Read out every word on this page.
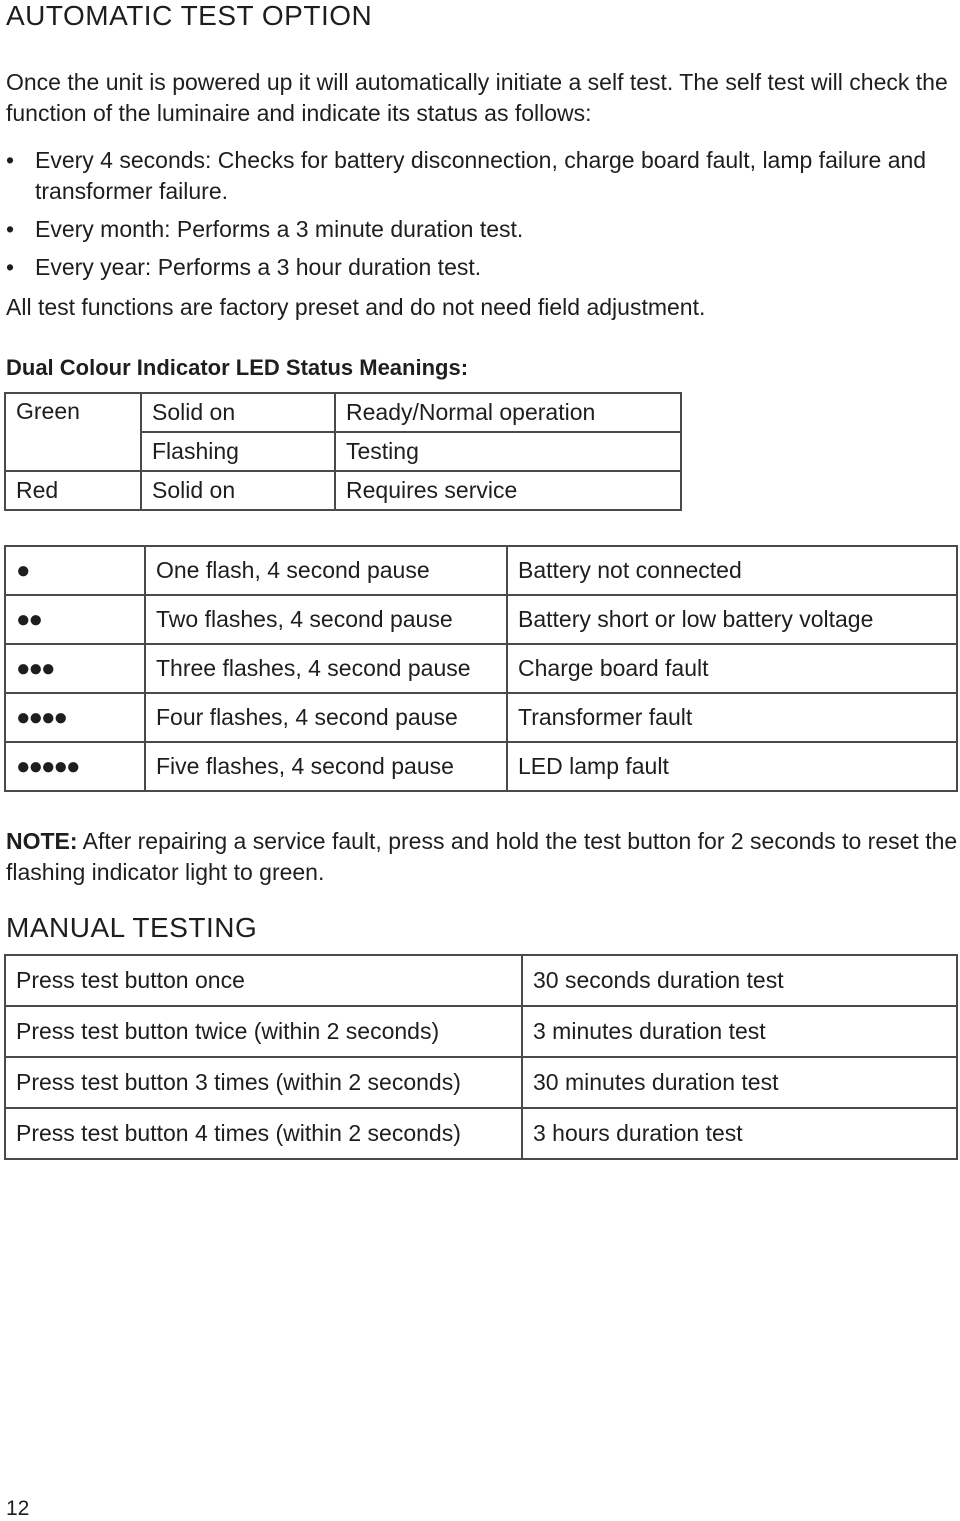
AUTOMATIC TEST OPTION

Once the unit is powered up it will automatically initiate a self test. The self test will check the function of the luminaire and indicate its status as follows:

• Every 4 seconds: Checks for battery disconnection, charge board fault, lamp failure and transformer failure.
• Every month: Performs a 3 minute duration test.
• Every year: Performs a 3 hour duration test.

All test functions are factory preset and do not need field adjustment.

Dual Colour Indicator LED Status Meanings:
Green	Solid on	Ready/Normal operation
	Flashing	Testing
Red	Solid on	Requires service
●	One flash, 4 second pause	Battery not connected
●●	Two flashes, 4 second pause	Battery short or low battery voltage
●●●	Three flashes, 4 second pause	Charge board fault
●●●●	Four flashes, 4 second pause	Transformer fault
●●●●●	Five flashes, 4 second pause	LED lamp fault

NOTE: After repairing a service fault, press and hold the test button for 2 seconds to reset the flashing indicator light to green.

MANUAL TESTING
Press test button once	30 seconds duration test
Press test button twice (within 2 seconds)	3 minutes duration test
Press test button 3 times (within 2 seconds)	30 minutes duration test
Press test button 4 times (within 2 seconds)	3 hours duration test
12
